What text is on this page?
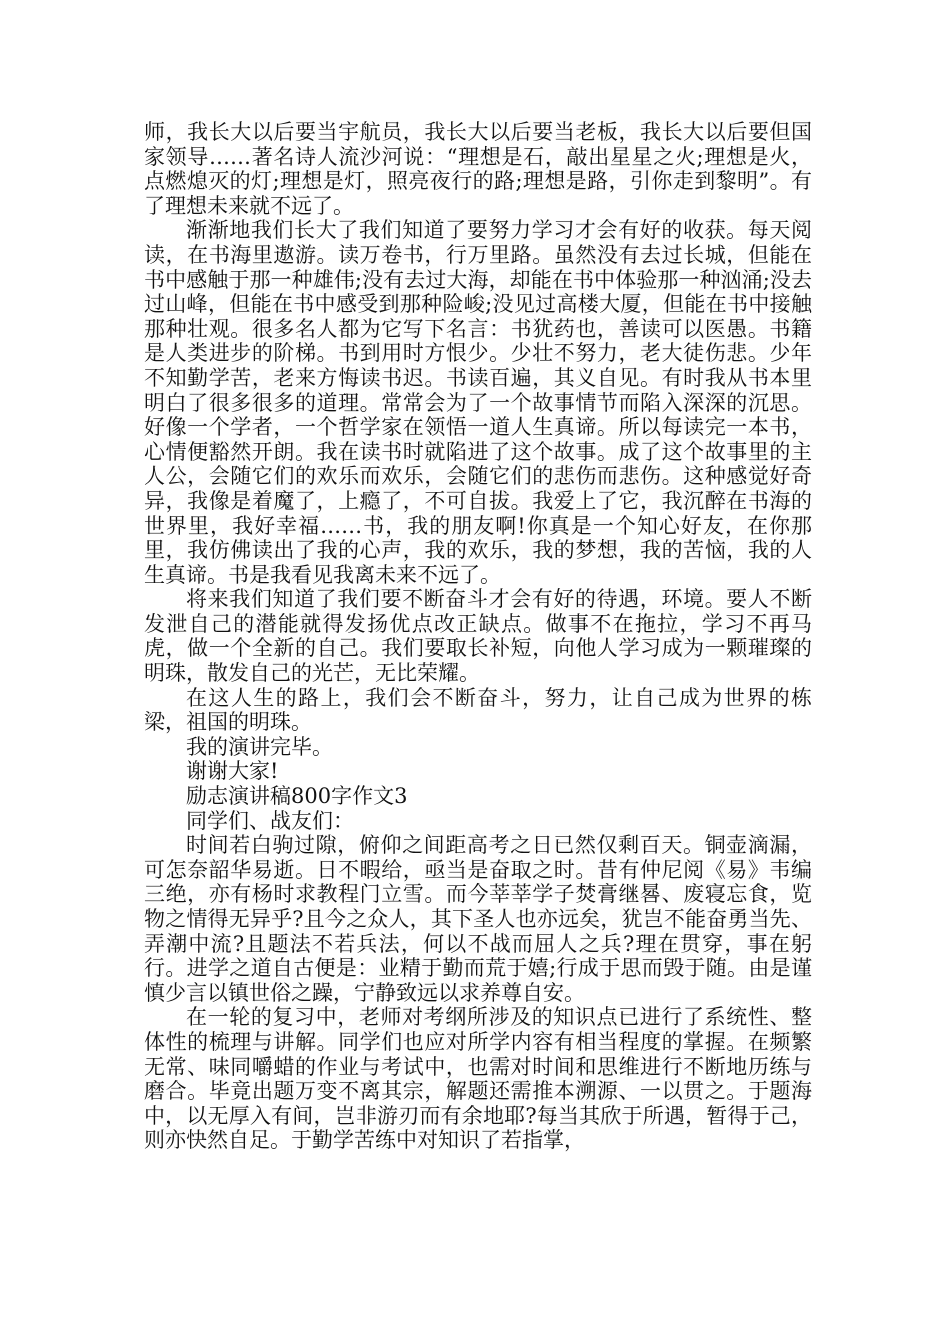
师，我长大以后要当宇航员，我长大以后要当老板，我长大以后要但国家领导……著名诗人流沙河说：“理想是石，敲出星星之火;理想是火，点燃熄灭的灯;理想是灯，照亮夜行的路;理想是路，引你走到黎明”。有了理想未来就不远了。

渐渐地我们长大了我们知道了要努力学习才会有好的收获。每天阅读，在书海里遨游。读万卷书，行万里路。虽然没有去过长城，但能在书中感触于那一种雄伟;没有去过大海，却能在书中体验那一种汹涌;没去过山峰，但能在书中感受到那种险峻;没见过高楼大厦，但能在书中接触那种壮观。很多名人都为它写下名言：书犹药也，善读可以医愚。书籍是人类进步的阶梯。书到用时方恨少。少壮不努力，老大徒伤悲。少年不知勤学苦，老来方悔读书迟。书读百遍，其义自见。有时我从书本里明白了很多很多的道理。常常会为了一个故事情节而陷入深深的沉思。好像一个学者，一个哲学家在领悟一道人生真谛。所以每读完一本书，心情便豁然开朗。我在读书时就陷进了这个故事。成了这个故事里的主人公，会随它们的欢乐而欢乐，会随它们的悲伤而悲伤。这种感觉好奇异，我像是着魔了，上瘾了，不可自拔。我爱上了它，我沉醉在书海的世界里，我好幸福……书，我的朋友啊!你真是一个知心好友，在你那里，我仿佛读出了我的心声，我的欢乐，我的梦想，我的苦恼，我的人生真谛。书是我看见我离未来不远了。

将来我们知道了我们要不断奋斗才会有好的待遇，环境。要人不断发泄自己的潜能就得发扬优点改正缺点。做事不在拖拉，学习不再马虎，做一个全新的自己。我们要取长补短，向他人学习成为一颗璀璨的明珠，散发自己的光芒，无比荣耀。

在这人生的路上，我们会不断奋斗，努力，让自己成为世界的栋梁，祖国的明珠。

我的演讲完毕。

谢谢大家!

励志演讲稿800字作文3

同学们、战友们：

时间若白驹过隙，俯仰之间距高考之日已然仅剩百天。铜壶滴漏，可怎奈韶华易逝。日不暇给，亟当是奋取之时。昔有仲尼阅《易》韦编三绝，亦有杨时求教程门立雪。而今莘莘学子焚膏继晷、废寝忘食，览物之情得无异乎?且今之众人，其下圣人也亦远矣，犹岂不能奋勇当先、弄潮中流?且题法不若兵法，何以不战而屈人之兵?理在贯穿，事在躬行。进学之道自古便是：业精于勤而荒于嬉;行成于思而毁于随。由是谨慎少言以镇世俗之躁，宁静致远以求养尊自安。

在一轮的复习中，老师对考纲所涉及的知识点已进行了系统性、整体性的梳理与讲解。同学们也应对所学内容有相当程度的掌握。在频繁无常、味同嚼蜡的作业与考试中，也需对时间和思维进行不断地历练与磨合。毕竟出题万变不离其宗，解题还需推本溯源、一以贯之。于题海中，以无厚入有间，岂非游刃而有余地耶?每当其欣于所遇，暂得于己，则亦快然自足。于勤学苦练中对知识了若指掌，
